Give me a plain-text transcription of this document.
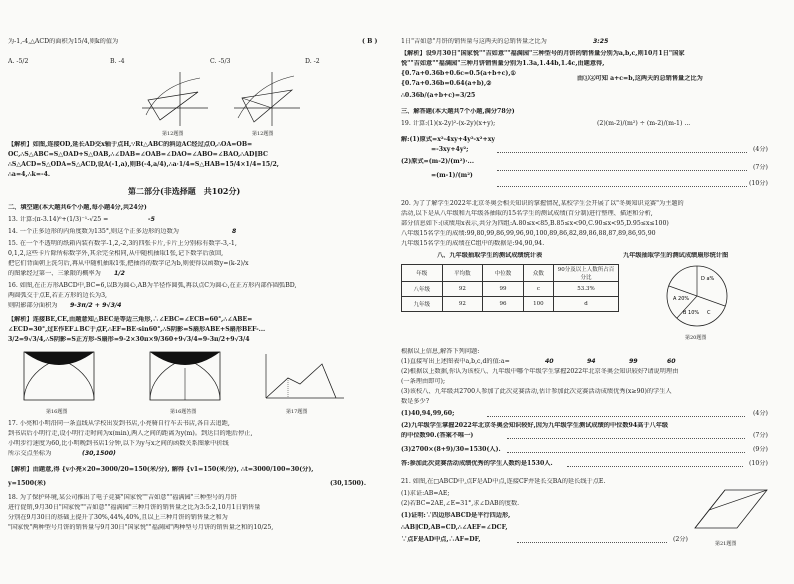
为-1,-4,△ACD的面积为15/4,则k的值为	( B )
A. -5/2	B. -4	C. -5/3	D. -2
第12题图	第12题图
【解析】如图,连接OD,延长AD交x轴于点H,∵Rt△ABC的斜边AC经过点O,∴OA=OB=
OC,∴S△ABC=S△OAD+S△OAB,∴∠DAB=∠OAB=∠DAO=∠ABO=∠BAO,∴AD∥BC
∴S△ACD=S△ODA=S△ACD,设A(-1,a),则B(-4,a/4),∴a·1/4=S△HAB=15/4×1/4=15/2,
∴a=4,∴k=-4.
第二部分(非选择题　共102分)
二、填空题(本大题共6个小题,每小题4分,共24分)
13. 计算:(π-3.14)⁰+(1/3)⁻¹-√25 =	-5
14. 一个正多边形的内角度数为135°,则这个正多边形的边数为	8
15. 在一个不透明的纸箱内装有数字-1,2,-2,3的四张卡片,卡片上分别标有数字-3,-1,
0,1,2,这些卡片除所标数字外,其余完全相同,从中随机抽取1张,记下数字后放回,
把它们背面朝上洗匀后,再从中随机抽取1张,把抽得的数字记为b,则使得以函数y=(k-2)/x
的图象经过第一、三象限的概率为 1/2
16. 如图,在正方形ABCD中,BC=6,以B为圆心,AB为半径作圆弧,再以点C为圆心,在正方形内部作圆弧BD,
两圆弧交于点E,若正方形的边长为3,
则阴影部分面积为 9-3π/2 + 9√3/4
【解析】连接BE,CE,由题意知△BEC是等边三角形,∴∠EBC=∠ECB=60°,∴∠ABE=
∠ECD=30°,过E作EF⊥BC于点F,∴EF=BE·sin60°,∴S阴影=S扇形ABE+S扇形BEF-...
3/2=9√3/4,∴S阴影=S正方形-S扇形=9-2×30π×9/360+9√3/4=9-3π/2+9√3/4
第16题图	第16题答图	第17题图
17. 小亮和小明沿同一条直线从学校出发到书店,小亮骑自行车去书店,各自去追距,
到书店后小明行走,设小明行走时间为x(min),两人之间的距离为y(m)。到达目的地后停止,
小明步行速度为60,比小明晚到书店1分钟,以下为y与x之间的函数关系图象中折线
所示交点坐标为	(30,1500)
【解析】由题意,得 {v小亮×20=3000/20=150(米/分), 解得 {v1=150(米/分), ∴t=3000/100=30(分),
y=1500(米)	(30,1500).
18. 为了保护环境,某公司推出了电子竞赛"国家悦""吉如意""福满园"三种型号的月饼
进行促销,9月30日"国家悦""吉如意""福满园"三种月饼的销售量之比为3:5:2,10月1日销售量
分别在9月30日的基础上提升了30%,44%,40%,且以上三种月饼的销售量之和为
"国家悦"两种型号月饼的销售量与9月30日"国家悦""福满园"两种型号月饼的销售量之和的10/25,
1日"吉如意"月饼的销售量与这两天的总销售量之比为	3:25
【解析】设9月30日"国家悦""吉如意""福满园"三种型号的月饼的销售量分别为a,b,c,则10月1日"国家
悦""吉如意""福满园"三种月饼销售量分别为1.3a,1.44b,1.4c,由题意得,
{0.7a+0.36b+0.6c=0.5(a+b+c),①
{0.7a+0.36b=0.64(a+b),②
由①②可知 a+c=b,这两天的总销售量之比为
∴0.36b/(a+b+c)=3/25
三、解答题(本大题共7个小题,满分78分)
19. 计算:(1)(x-2y)²-(x-2y)(x+y);	(2)(m-2)/(m²) ÷ (m-2)/(m-1) ...
解:(1)原式=x²-4xy+4y²-x²+xy
=-3xy+4y²;	(4分)
(2)原式=(m-2)/(m²)·...
=(m-1)/(m²)
(7分)
(10分)
20. 为了了解学生2022年北京冬奥会相关知识的掌握情况,某校学生会开展了以"冬奥知识竞赛"为主题的
活动,以下是从八年级和九年级各抽取的15名学生的测试成绩(百分制)进行整理、描述和分析,
部分信息如下:(成绩用x表示,共分为四组:A.80≤x<85,B.85≤x<90,C.90≤x<95,D.95≤x≤100)
八年级15名学生的成绩:99,80,99,86,99,96,90,100,89,86,82,89,86,88,87,89,86,95,90
九年级15名学生的成绩在C组中的数据是:94,90,94.
八、九年级抽取学生的测试成绩统计表	九年级抽取学生的测试成绩扇形统计图
年级	平均数	中位数	众数	90分及以上人数所占百分比
八年级	92	99	c	53.3%
九年级	92	96	100	d
D a%
A 20%
B 10% C
第20题图
根据以上信息,解答下列问题:
(1)直接写出上述图表中a,b,c,d的值:a=	40	94	99	60
(2)根据以上数据,你认为该校八、九年级中哪个年级学生掌握2022年北京冬奥会知识较好?请说明理由
(一条理由即可);
(3)该校八、九年级共2700人参加了此次竞赛活动,估计参加此次竞赛活动成绩优秀(x≥90)的学生人
数是多少?
(1)40,94,99,60;	(4分)
(2)九年级学生掌握2022年北京冬奥会知识较好,因为九年级学生测试成绩的中位数94高于八年级
的中位数90.(答案不唯一)	(7分)
(3)2700×(8+9)/30=1530(人).	(9分)
答:参加此次竞赛活动成绩优秀的学生人数约是1530人.	(10分)
21. 如图,在□ABCD中,点F是AD中点,连接CF并延长交BA的延长线于点E.
(1)求证:AB=AE;
(2)若BC=2AE,∠E=31°,求∠DAB的度数.
(1)证明:∵四边形ABCD是平行四边形,
∴AB∥CD,AB=CD,∴∠AEF=∠DCF,
∵点F是AD中点,∴AF=DF,	(2分)
第21题图
